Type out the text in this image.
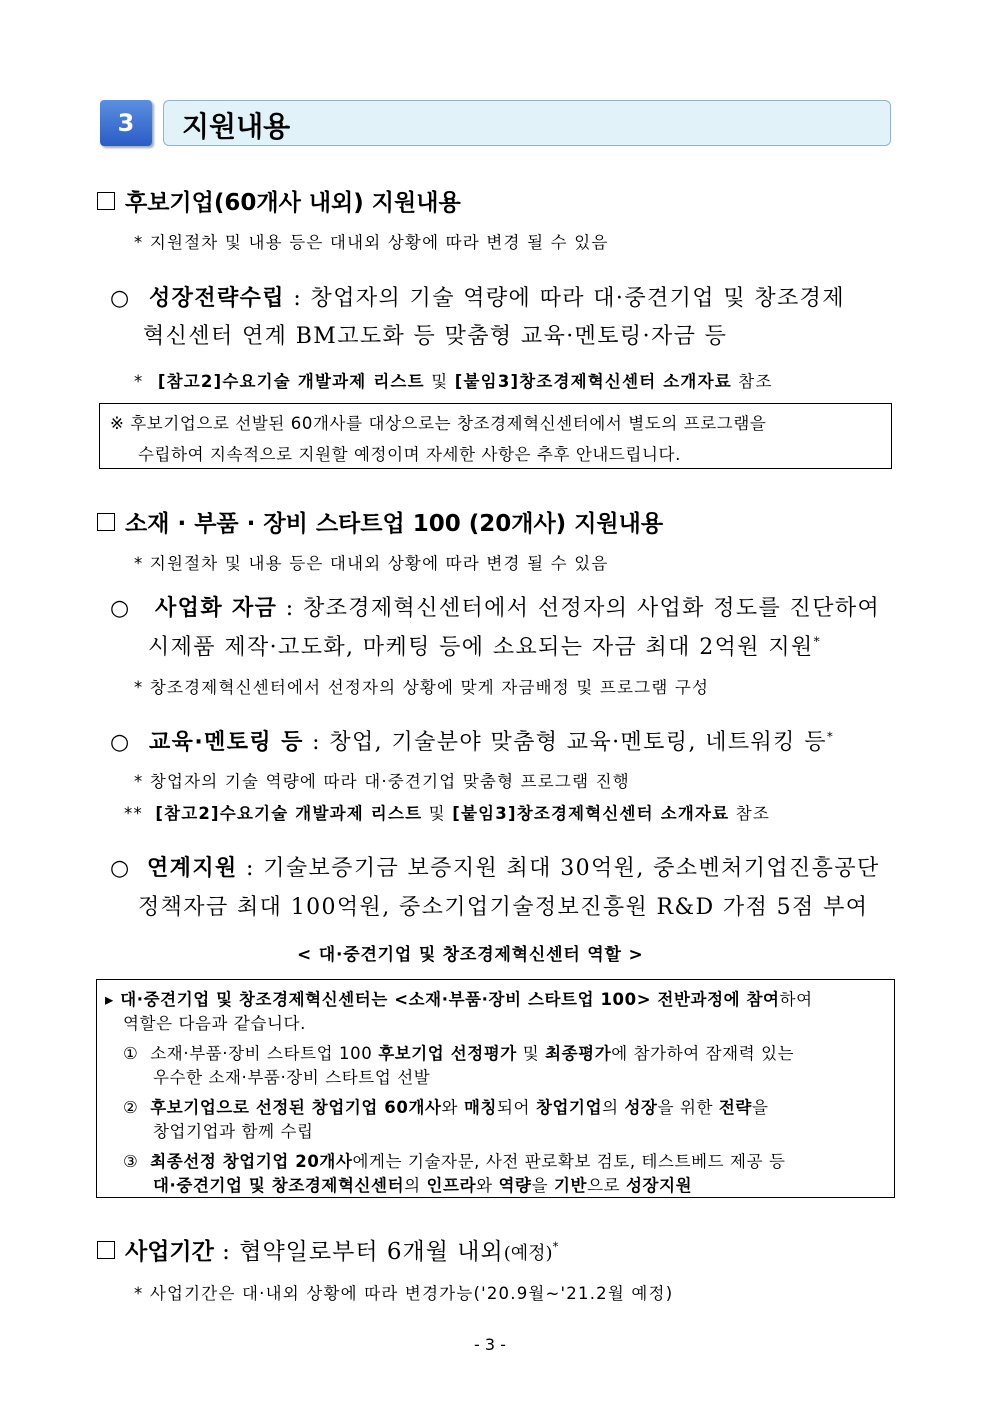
3	지원내용
후보기업(60개사 내외) 지원내용
* 지원절차 및 내용 등은 대내외 상황에 따라 변경 될 수 있음
○ 성장전략수립 : 창업자의 기술 역량에 따라 대·중견기업 및 창조경제
혁신센터 연계 BM고도화 등 맞춤형 교육·멘토링·자금 등
* [참고2]수요기술 개발과제 리스트 및 [붙임3]창조경제혁신센터 소개자료 참조
※ 후보기업으로 선발된 60개사를 대상으로는 창조경제혁신센터에서 별도의 프로그램을
수립하여 지속적으로 지원할 예정이며 자세한 사항은 추후 안내드립니다.
소재 · 부품 · 장비 스타트업 100 (20개사) 지원내용
* 지원절차 및 내용 등은 대내외 상황에 따라 변경 될 수 있음
○ 사업화 자금 : 창조경제혁신센터에서 선정자의 사업화 정도를 진단하여
시제품 제작·고도화, 마케팅 등에 소요되는 자금 최대 2억원 지원*
* 창조경제혁신센터에서 선정자의 상황에 맞게 자금배정 및 프로그램 구성
○ 교육·멘토링 등 : 창업, 기술분야 맞춤형 교육·멘토링, 네트워킹 등*
* 창업자의 기술 역량에 따라 대·중견기업 맞춤형 프로그램 진행
** [참고2]수요기술 개발과제 리스트 및 [붙임3]창조경제혁신센터 소개자료 참조
○ 연계지원 : 기술보증기금 보증지원 최대 30억원, 중소벤처기업진흥공단
정책자금 최대 100억원, 중소기업기술정보진흥원 R&D 가점 5점 부여
< 대·중견기업 및 창조경제혁신센터 역할 >
▸ 대·중견기업 및 창조경제혁신센터는 <소재·부품·장비 스타트업 100> 전반과정에 참여하여
역할은 다음과 같습니다.
① 소재·부품·장비 스타트업 100 후보기업 선정평가 및 최종평가에 참가하여 잠재력 있는
우수한 소재·부품·장비 스타트업 선발
② 후보기업으로 선정된 창업기업 60개사와 매칭되어 창업기업의 성장을 위한 전략을
창업기업과 함께 수립
③ 최종선정 창업기업 20개사에게는 기술자문, 사전 판로확보 검토, 테스트베드 제공 등
대·중견기업 및 창조경제혁신센터의 인프라와 역량을 기반으로 성장지원
사업기간 : 협약일로부터 6개월 내외(예정)*
* 사업기간은 대·내외 상황에 따라 변경가능('20.9월~'21.2월 예정)
- 3 -
